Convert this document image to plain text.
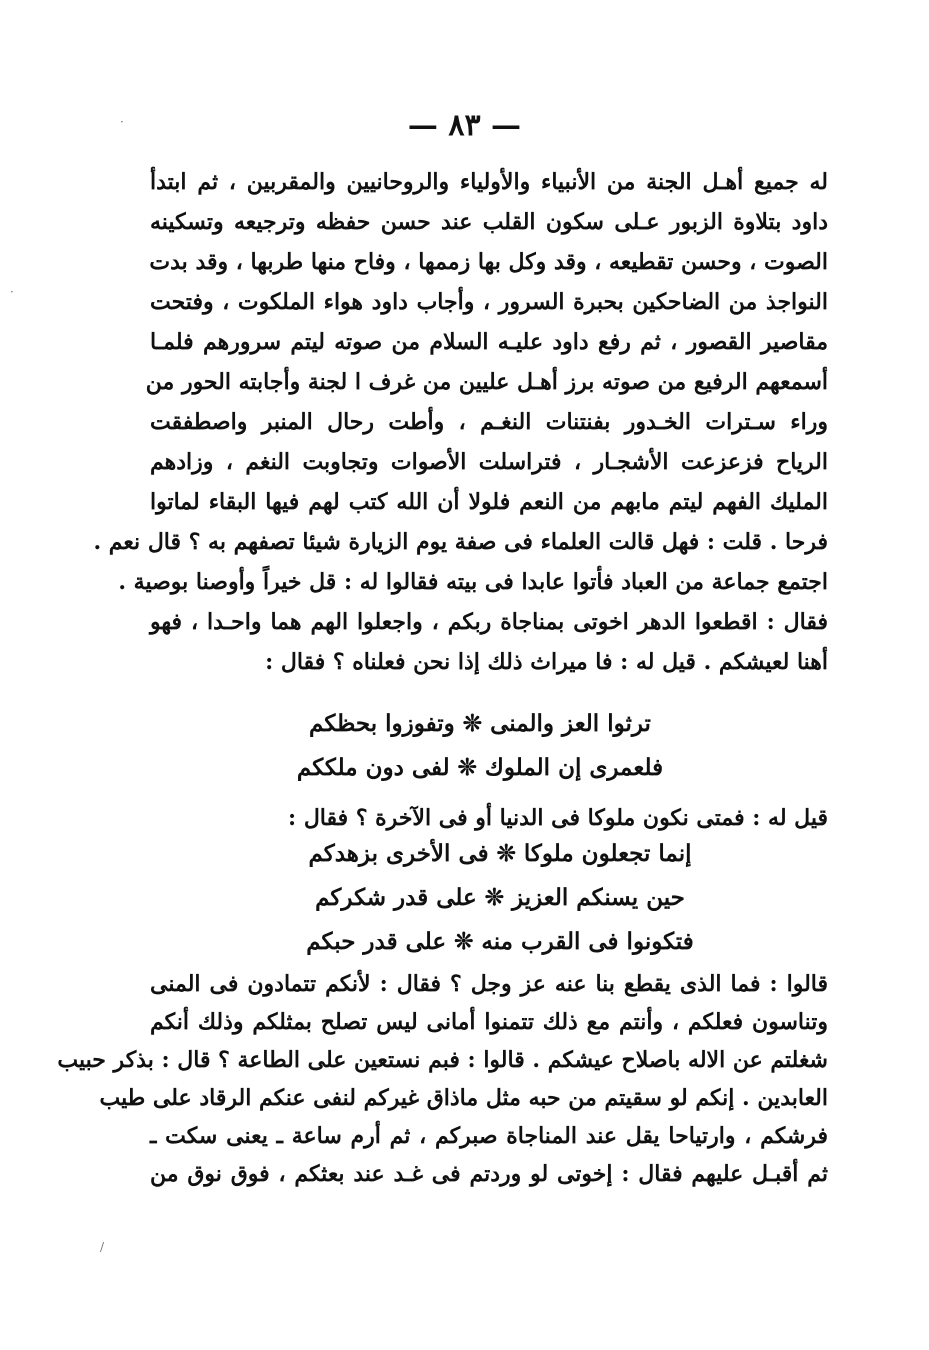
— ٨٣ —
له جميع أهـل الجنة من الأنبياء والأولياء والروحانيين والمقربين ، ثم ابتدأ
داود بتلاوة الزبور عـلى سكون القلب عند حسن حفظه وترجيعه وتسكينه
الصوت ، وحسن تقطيعه ، وقد وكل بها زممها ، وفاح منها طربها ، وقد بدت
النواجذ من الضاحكين بحبرة السرور ، وأجاب داود هواء الملكوت ، وفتحت
مقاصير القصور ، ثم رفع داود عليـه السلام من صوته ليتم سرورهم فلمـا
أسمعهم الرفيع من صوته برز أهـل عليين من غرف ا لجنة وأجابته الحور من
وراء سـترات الخـدور بفنتنات النغـم ، وأطت رحال المنبر واصطفقت
الرياح فزعزعت الأشجـار ، فتراسلت الأصوات وتجاوبت النغم ، وزادهم
المليك الفهم ليتم مابهم من النعم فلولا أن الله كتب لهم فيها البقاء لماتوا
فرحا . قلت : فهل قالت العلماء فى صفة يوم الزيارة شيئا تصفهم به ؟ قال نعم .
اجتمع جماعة من العباد فأتوا عابدا فى بيته فقالوا له : قل خيراً وأوصنا بوصية .
فقال : اقطعوا الدهر اخوتى بمناجاة ربكم ، واجعلوا الهم هما واحـدا ، فهو
أهنا لعيشكم . قيل له : فا ميراث ذلك إذا نحن فعلناه ؟ فقال :
ترثوا العز والمنى ❊ وتفوزوا بحظكم
فلعمرى إن الملوك ❊ لفى دون ملككم
قيل له : فمتى نكون ملوكا فى الدنيا أو فى الآخرة ؟ فقال :
إنما تجعلون ملوكا ❊ فى الأخرى بزهدكم
حين يسنكم العزيز ❊ على قدر شكركم
فتكونوا فى القرب منه ❊ على قدر حبكم
قالوا : فما الذى يقطع بنا عنه عز وجل ؟ فقال : لأنكم تتمادون فى المنى
وتناسون فعلكم ، وأنتم مع ذلك تتمنوا أمانى ليس تصلح بمثلكم وذلك أنكم
شغلتم عن الاله باصلاح عيشكم . قالوا : فبم نستعين على الطاعة ؟ قال : بذكر حبيب
العابدين . إنكم لو سقيتم من حبه مثل ماذاق غيركم لنفى عنكم الرقاد على طيب
فرشكم ، وارتياحا يقل عند المناجاة صبركم ، ثم أرم ساعة ـ يعنى سكت ـ
ثم أقبـل عليهم فقال : إخوتى لو وردتم فى غـد عند بعثكم ، فوق نوق من
·
·
/
